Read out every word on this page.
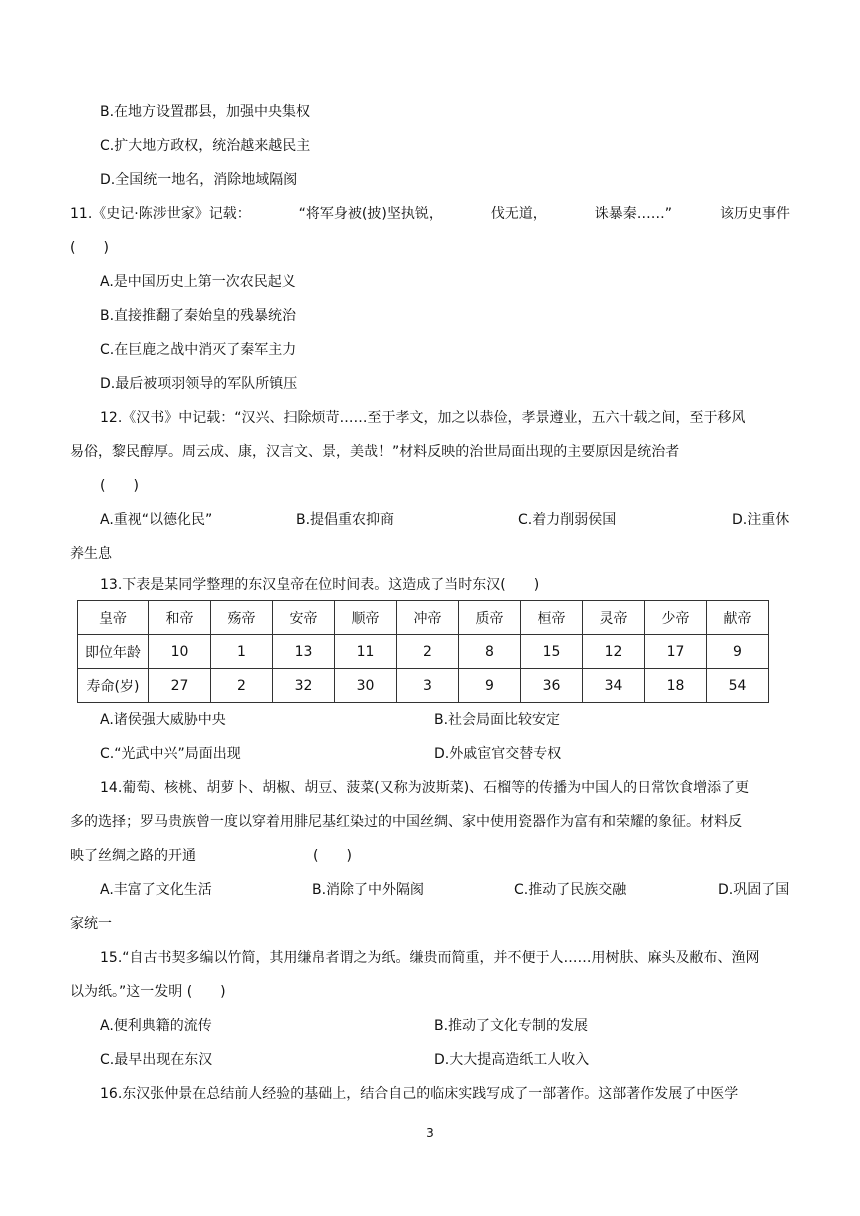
B.在地方设置郡县，加强中央集权
C.扩大地方政权，统治越来越民主
D.全国统一地名，消除地域隔阂
11.《史记·陈涉世家》记载：	“将军身被(披)坚执锐，	伐无道，	诛暴秦……”	该历史事件
(　　)
A.是中国历史上第一次农民起义
B.直接推翻了秦始皇的残暴统治
C.在巨鹿之战中消灭了秦军主力
D.最后被项羽领导的军队所镇压
12.《汉书》中记载：“汉兴、扫除烦苛……至于孝文，加之以恭俭，孝景遵业，五六十载之间，至于移风
易俗，黎民醇厚。周云成、康，汉言文、景，美哉！”材料反映的治世局面出现的主要原因是统治者
(　　)
A.重视“以德化民”	B.提倡重农抑商	C.着力削弱侯国	D.注重休
养生息
13.下表是某同学整理的东汉皇帝在位时间表。这造成了当时东汉(　　)
皇帝	和帝	殇帝	安帝	顺帝	冲帝	质帝	桓帝	灵帝	少帝	献帝
即位年龄	10	1	13	11	2	8	15	12	17	9
寿命(岁)	27	2	32	30	3	9	36	34	18	54
A.诸侯强大威胁中央	B.社会局面比较安定
C.“光武中兴”局面出现	D.外戚宦官交替专权
14.葡萄、核桃、胡萝卜、胡椒、胡豆、菠菜(又称为波斯菜)、石榴等的传播为中国人的日常饮食增添了更
多的选择；罗马贵族曾一度以穿着用腓尼基红染过的中国丝绸、家中使用瓷器作为富有和荣耀的象征。材料反
映了丝绸之路的开通	(　　)
A.丰富了文化生活	B.消除了中外隔阂	C.推动了民族交融	D.巩固了国
家统一
15.“自古书契多编以竹简，其用缣帛者谓之为纸。缣贵而简重，并不便于人……用树肤、麻头及敝布、渔网
以为纸。”这一发明 (　　)
A.便利典籍的流传	B.推动了文化专制的发展
C.最早出现在东汉	D.大大提高造纸工人收入
16.东汉张仲景在总结前人经验的基础上，结合自己的临床实践写成了一部著作。这部著作发展了中医学
3
